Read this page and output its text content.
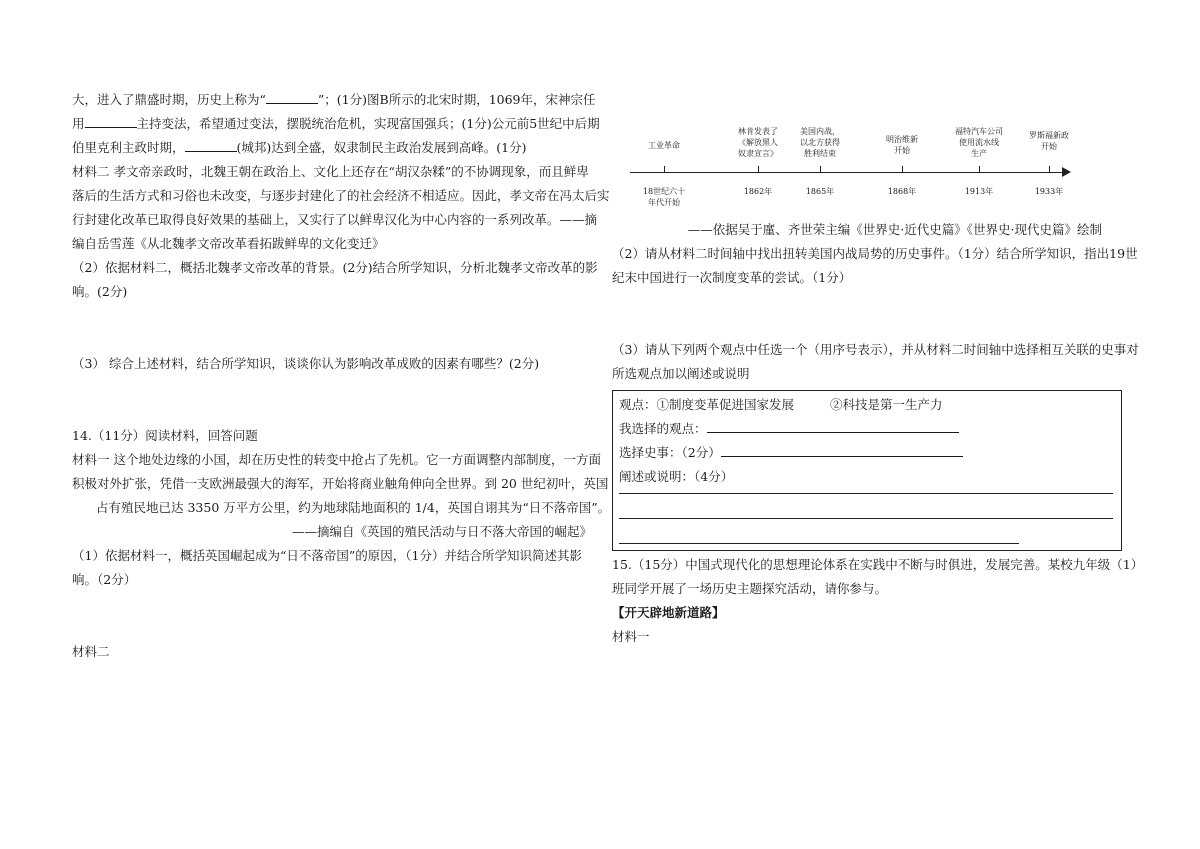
大，进入了鼎盛时期，历史上称为“	”；(1分)图B所示的北宋时期，1069年，宋神宗任

用	主持变法，希望通过变法，摆脱统治危机，实现富国强兵；(1分)公元前5世纪中后期

伯里克利主政时期，	(城邦)达到全盛，奴隶制民主政治发展到高峰。(1分)

材料二 孝文帝亲政时，北魏王朝在政治上、文化上还存在“胡汉杂糅”的不协调现象，而且鲜卑

落后的生活方式和习俗也未改变，与逐步封建化了的社会经济不相适应。因此，孝文帝在冯太后实

行封建化改革已取得良好效果的基础上，又实行了以鲜卑汉化为中心内容的一系列改革。——摘

编自岳雪莲《从北魏孝文帝改革看拓跋鲜卑的文化变迁》

（2）依据材料二，概括北魏孝文帝改革的背景。(2分)结合所学知识，分析北魏孝文帝改革的影

响。(2分)

（3） 综合上述材料，结合所学知识，谈谈你认为影响改革成败的因素有哪些？(2分)

14.（11分）阅读材料，回答问题

材料一 这个地处边缘的小国，却在历史性的转变中抢占了先机。它一方面调整内部制度，一方面

积极对外扩张，凭借一支欧洲最强大的海军，开始将商业触角伸向全世界。到 20 世纪初叶，英国

占有殖民地已达 3350 万平方公里，约为地球陆地面积的 1/4，英国自诩其为“日不落帝国”。

——摘编自《英国的殖民活动与日不落大帝国的崛起》

（1）依据材料一，概括英国崛起成为“日不落帝国”的原因，（1分）并结合所学知识简述其影

响。（2分）

材料二

工业革命
18世纪六十
年代开始
林肯发表了
《解放黑人
奴隶宣言》
1862年
美国内战，
以北方获得
胜利结束
1865年
明治维新
开始
1868年
福特汽车公司
使用流水线
生产
1913年
罗斯福新政
开始
1933年

——依据吴于廑、齐世荣主编《世界史·近代史篇》《世界史·现代史篇》绘制

（2）请从材料二时间轴中找出扭转美国内战局势的历史事件。（1分）结合所学知识，指出19世

纪末中国进行一次制度变革的尝试。（1分）

（3）请从下列两个观点中任选一个（用序号表示），并从材料二时间轴中选择相互关联的史事对

所选观点加以阐述或说明

观点：①制度变革促进国家发展	②科技是第一生产力

我选择的观点：

选择史事：（2分）

阐述或说明：（4分）

15.（15分）中国式现代化的思想理论体系在实践中不断与时俱进，发展完善。某校九年级（1）

班同学开展了一场历史主题探究活动，请你参与。

【开天辟地新道路】

材料一
